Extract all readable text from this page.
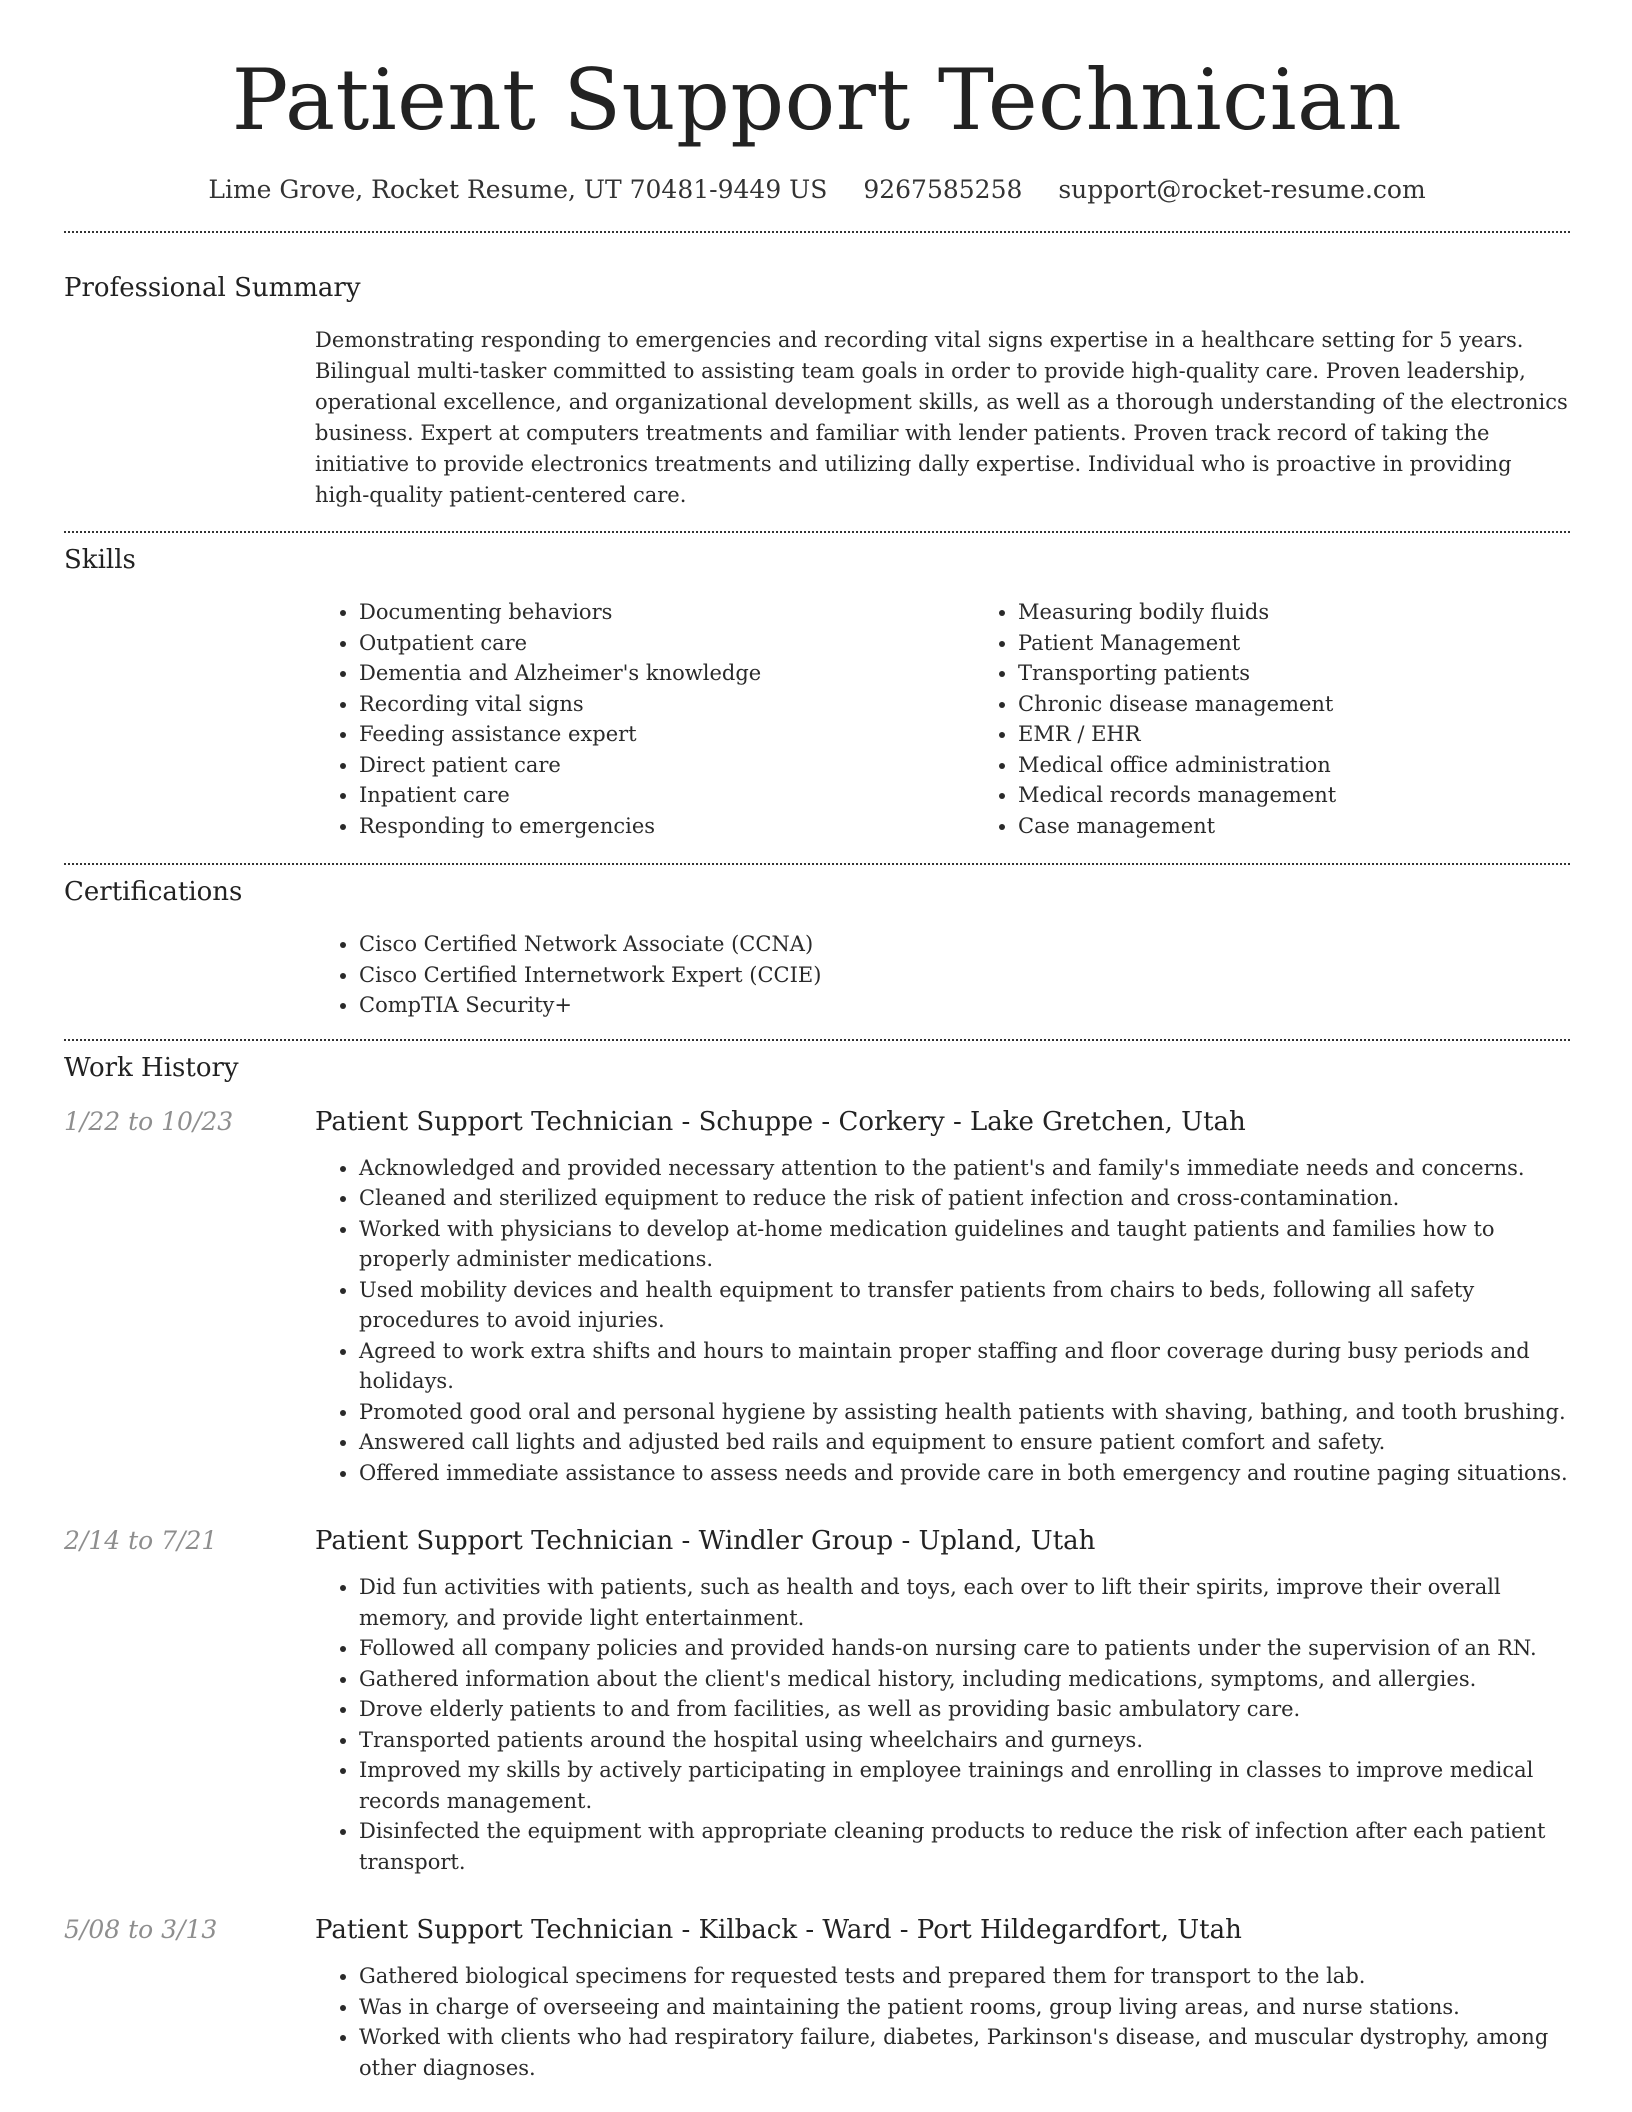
Patient Support Technician
Lime Grove, Rocket Resume, UT 70481-9449 US 9267585258 support@rocket-resume.com
Professional Summary
Demonstrating responding to emergencies and recording vital signs expertise in a healthcare setting for 5 years. Bilingual multi-tasker committed to assisting team goals in order to provide high-quality care. Proven leadership, operational excellence, and organizational development skills, as well as a thorough understanding of the electronics business. Expert at computers treatments and familiar with lender patients. Proven track record of taking the initiative to provide electronics treatments and utilizing dally expertise. Individual who is proactive in providing high-quality patient-centered care.
Skills
• Documenting behaviors
• Outpatient care
• Dementia and Alzheimer's knowledge
• Recording vital signs
• Feeding assistance expert
• Direct patient care
• Inpatient care
• Responding to emergencies
• Measuring bodily fluids
• Patient Management
• Transporting patients
• Chronic disease management
• EMR / EHR
• Medical office administration
• Medical records management
• Case management
Certifications
• Cisco Certified Network Associate (CCNA)
• Cisco Certified Internetwork Expert (CCIE)
• CompTIA Security+
Work History
1/22 to 10/23	Patient Support Technician - Schuppe - Corkery - Lake Gretchen, Utah
• Acknowledged and provided necessary attention to the patient's and family's immediate needs and concerns.
• Cleaned and sterilized equipment to reduce the risk of patient infection and cross-contamination.
• Worked with physicians to develop at-home medication guidelines and taught patients and families how to properly administer medications.
• Used mobility devices and health equipment to transfer patients from chairs to beds, following all safety procedures to avoid injuries.
• Agreed to work extra shifts and hours to maintain proper staffing and floor coverage during busy periods and holidays.
• Promoted good oral and personal hygiene by assisting health patients with shaving, bathing, and tooth brushing.
• Answered call lights and adjusted bed rails and equipment to ensure patient comfort and safety.
• Offered immediate assistance to assess needs and provide care in both emergency and routine paging situations.
2/14 to 7/21	Patient Support Technician - Windler Group - Upland, Utah
• Did fun activities with patients, such as health and toys, each over to lift their spirits, improve their overall memory, and provide light entertainment.
• Followed all company policies and provided hands-on nursing care to patients under the supervision of an RN.
• Gathered information about the client's medical history, including medications, symptoms, and allergies.
• Drove elderly patients to and from facilities, as well as providing basic ambulatory care.
• Transported patients around the hospital using wheelchairs and gurneys.
• Improved my skills by actively participating in employee trainings and enrolling in classes to improve medical records management.
• Disinfected the equipment with appropriate cleaning products to reduce the risk of infection after each patient transport.
5/08 to 3/13	Patient Support Technician - Kilback - Ward - Port Hildegardfort, Utah
• Gathered biological specimens for requested tests and prepared them for transport to the lab.
• Was in charge of overseeing and maintaining the patient rooms, group living areas, and nurse stations.
• Worked with clients who had respiratory failure, diabetes, Parkinson's disease, and muscular dystrophy, among other diagnoses.
